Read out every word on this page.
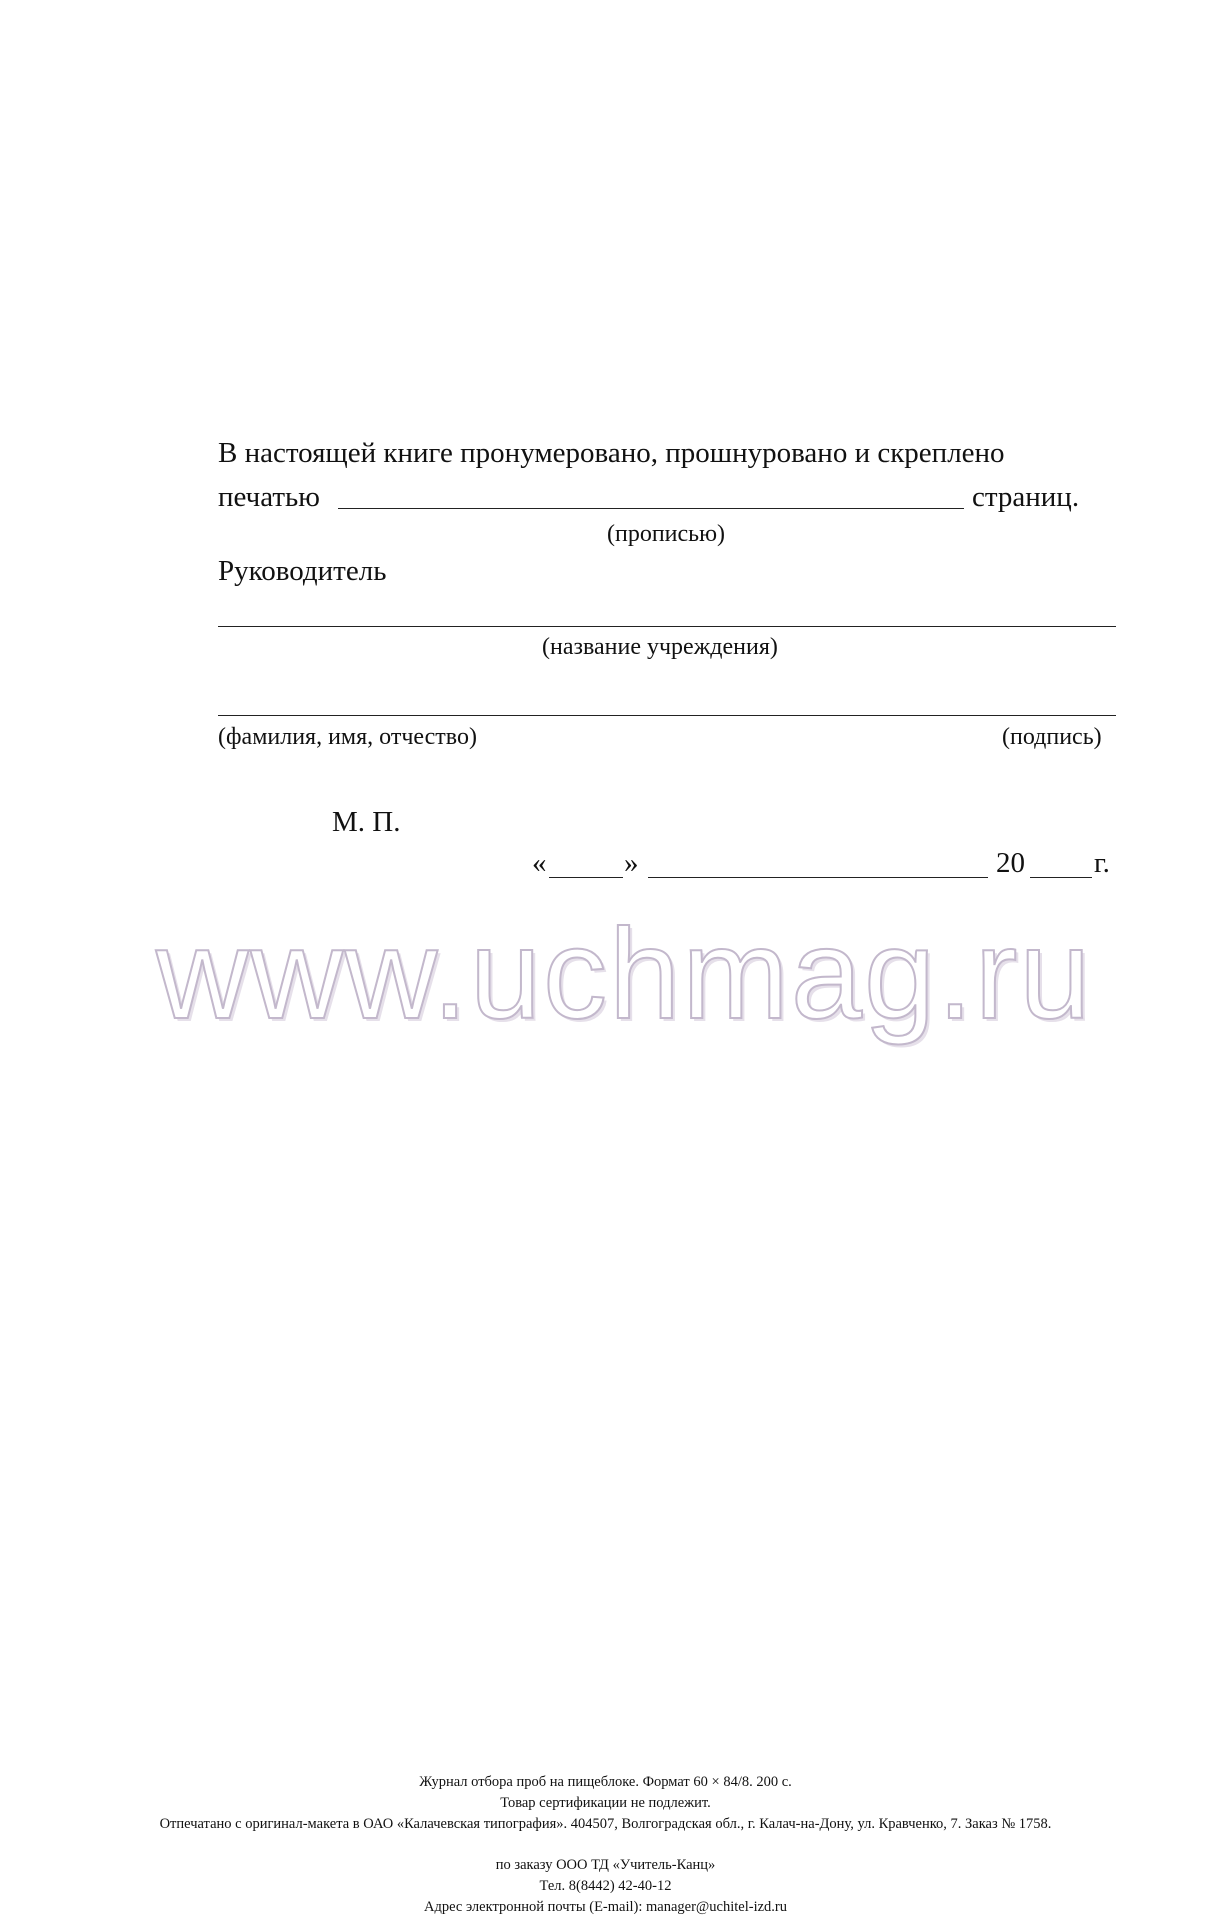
В настоящей книге пронумеровано, прошнуровано и скреплено
печатью	страниц.
(прописью)
Руководитель
(название учреждения)
(фамилия, имя, отчество)	(подпись)
М. П.
«	»	20 г.
www.uchmag.ru
Журнал отбора проб на пищеблоке. Формат 60 × 84/8. 200 с.
Товар сертификации не подлежит.
Отпечатано с оригинал-макета в ОАО «Калачевская типография». 404507, Волгоградская обл., г. Калач-на-Дону, ул. Кравченко, 7. Заказ № 1758.
по заказу ООО ТД «Учитель-Канц»
Тел. 8(8442) 42-40-12
Адрес электронной почты (E-mail): manager@uchitel-izd.ru
